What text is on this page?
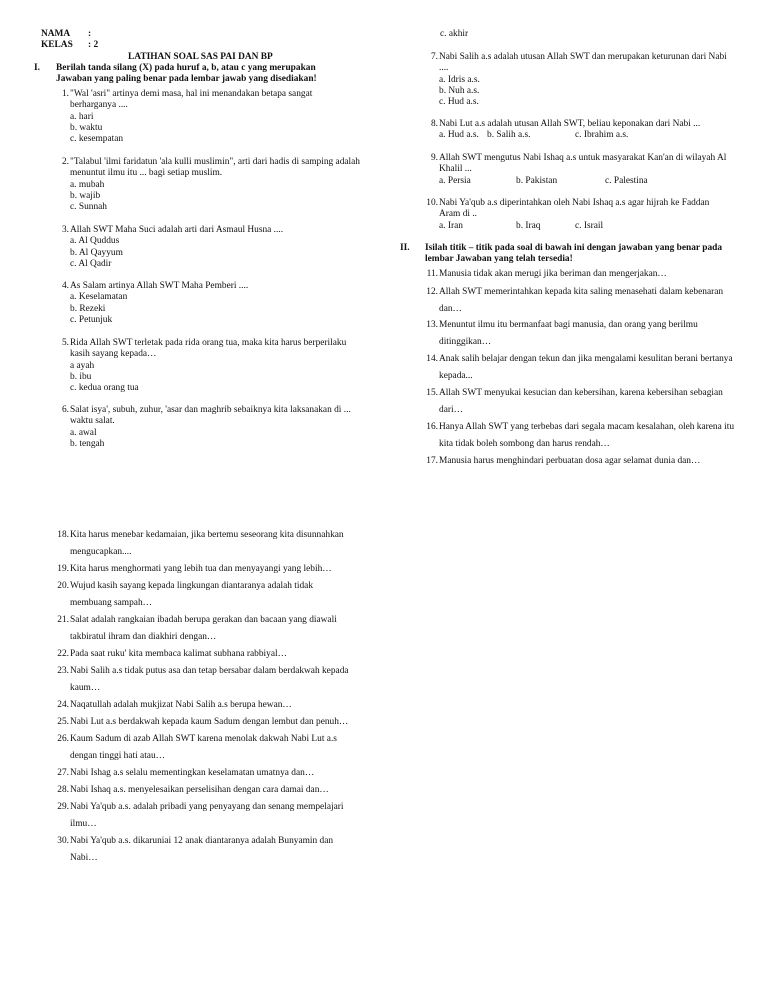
NAMA :
KELAS : 2
LATIHAN SOAL SAS PAI DAN BP
I. Berilah tanda silang (X) pada huruf a, b, atau c yang merupakan Jawaban yang paling benar pada lembar jawab yang disediakan!
1. "Wal 'asri" artinya demi masa, hal ini menandakan betapa sangat berharganya ....
a. hari
b. waktu
c. kesempatan
2. "Talabul 'ilmi faridatun 'ala kulli muslimin", arti dari hadis di samping adalah menuntut ilmu itu ... bagi setiap muslim.
a. mubah
b. wajib
c. Sunnah
3. Allah SWT Maha Suci adalah arti dari Asmaul Husna ....
a. Al Quddus
b. Al Qayyum
c. Al Qadir
4. As Salam artinya Allah SWT Maha Pemberi ....
a. Keselamatan
b. Rezeki
c. Petunjuk
5. Rida Allah SWT terletak pada rida orang tua, maka kita harus berperilaku kasih sayang kepada…
a ayah
b. ibu
c. kedua orang tua
6. Salat isya', subuh, zuhur, 'asar dan maghrib sebaiknya kita laksanakan di ... waktu salat.
a. awal
b. tengah
c. akhir
7. Nabi Salih a.s adalah utusan Allah SWT dan merupakan keturunan dari Nabi ....
a. Idris a.s.
b. Nuh a.s.
c. Hud a.s.
8. Nabi Lut a.s adalah utusan Allah SWT, beliau keponakan dari Nabi ...
a. Hud a.s. b. Salih a.s.	c. Ibrahim a.s.
9. Allah SWT mengutus Nabi Ishaq a.s untuk masyarakat Kan'an di wilayah Al Khalil ...
a. Persia	b. Pakistan	c. Palestina
10. Nabi Ya'qub a.s diperintahkan oleh Nabi Ishaq a.s agar hijrah ke Faddan Aram di ..
a. Iran	b. Iraq	c. Israil
II. Isilah titik – titik pada soal di bawah ini dengan jawaban yang benar pada lembar Jawaban yang telah tersedia!
11. Manusia tidak akan merugi jika beriman dan mengerjakan…
12. Allah SWT memerintahkan kepada kita saling menasehati dalam kebenaran dan…
13. Menuntut ilmu itu bermanfaat bagi manusia, dan orang yang berilmu ditinggikan…
14. Anak salih belajar dengan tekun dan jika mengalami kesulitan berani bertanya kepada...
15. Allah SWT menyukai kesucian dan kebersihan, karena kebersihan sebagian dari…
16. Hanya Allah SWT yang terbebas dari segala macam kesalahan, oleh karena itu kita tidak boleh sombong dan harus rendah…
17. Manusia harus menghindari perbuatan dosa agar selamat dunia dan…
18. Kita harus menebar kedamaian, jika bertemu seseorang kita disunnahkan mengucapkan....
19. Kita harus menghormati yang lebih tua dan menyayangi yang lebih…
20. Wujud kasih sayang kepada lingkungan diantaranya adalah tidak membuang sampah…
21. Salat adalah rangkaian ibadah berupa gerakan dan bacaan yang diawali takbiratul ihram dan diakhiri dengan…
22. Pada saat ruku' kita membaca kalimat subhana rabbiyal…
23. Nabi Salih a.s tidak putus asa dan tetap bersabar dalam berdakwah kepada kaum…
24. Naqatullah adalah mukjizat Nabi Salih a.s berupa hewan…
25. Nabi Lut a.s berdakwah kepada kaum Sadum dengan lembut dan penuh…
26. Kaum Sadum di azab Allah SWT karena menolak dakwah Nabi Lut a.s dengan tinggi hati atau…
27. Nabi Ishag a.s selalu mementingkan keselamatan umatnya dan…
28. Nabi Ishaq a.s. menyelesaikan perselisihan dengan cara damai dan…
29. Nabi Ya'qub a.s. adalah pribadi yang penyayang dan senang mempelajari ilmu…
30. Nabi Ya'qub a.s. dikaruniai 12 anak diantaranya adalah Bunyamin dan Nabi…
